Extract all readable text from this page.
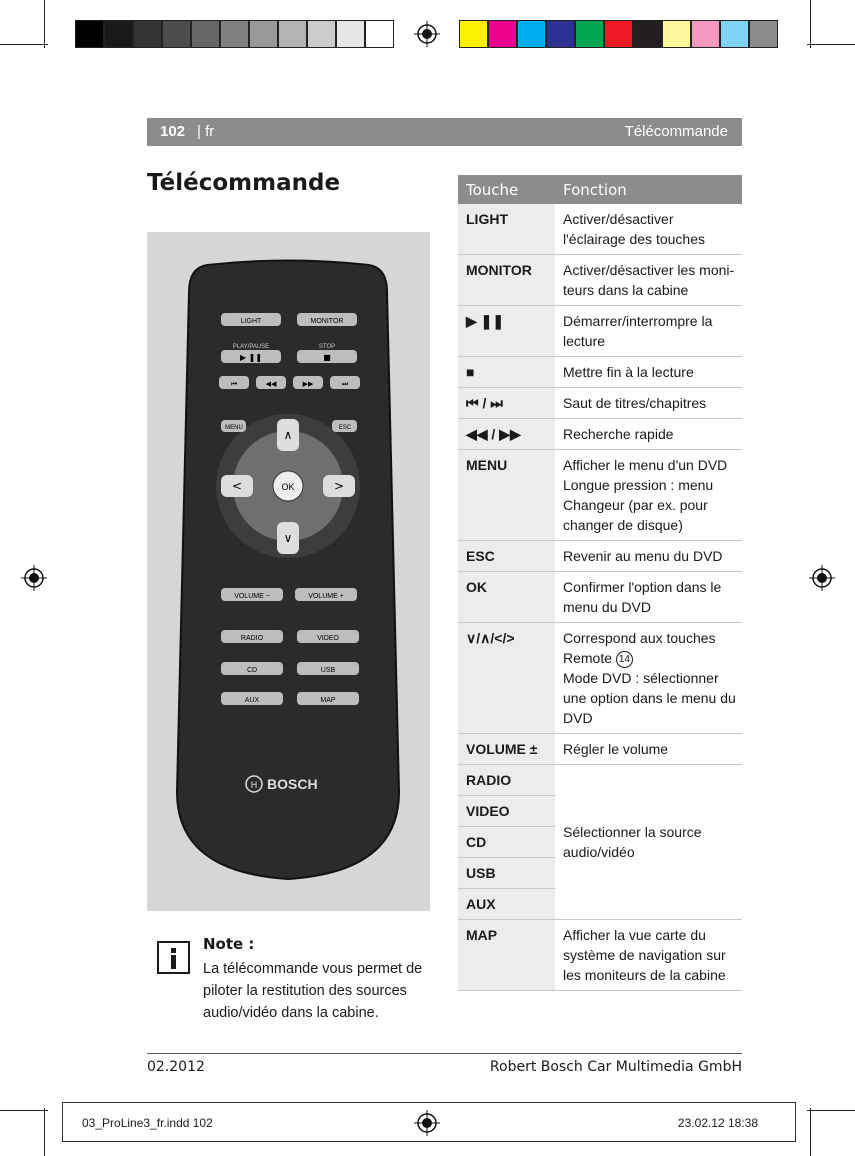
102 | fr	Télécommande
Télécommande
LIGHT	MONITOR
PLAY/PAUSE	STOP
▶ ❚❚	■
⏮	◀◀	▶▶	⏭
MENU	ESC
∧
∨
<	>
OK
VOLUME −	VOLUME +
RADIO	VIDEO
CD	USB
AUX	MAP
H BOSCH
Note :
La télécommande vous permet de piloter la restitution des sources audio/vidéo dans la cabine.
Touche	Fonction
LIGHT	Activer/désactiver l'éclairage des touches
MONITOR	Activer/désactiver les moni-teurs dans la cabine
▶ ❚❚	Démarrer/interrompre la lecture
■	Mettre fin à la lecture
⏮ / ⏭	Saut de titres/chapitres
◀◀ / ▶▶	Recherche rapide
MENU	Afficher le menu d'un DVD Longue pression : menu Changeur (par ex. pour changer de disque)
ESC	Revenir au menu du DVD
OK	Confirmer l'option dans le menu du DVD
∨/∧/</>	Correspond aux touches Remote 14
Mode DVD : sélectionner une option dans le menu du DVD
VOLUME ±	Régler le volume
RADIO	Sélectionner la source audio/vidéo
VIDEO	
CD	
USB	
AUX	
MAP	Afficher la vue carte du système de navigation sur les moniteurs de la cabine
02.2012	Robert Bosch Car Multimedia GmbH
03_ProLine3_fr.indd 102	23.02.12 18:38
